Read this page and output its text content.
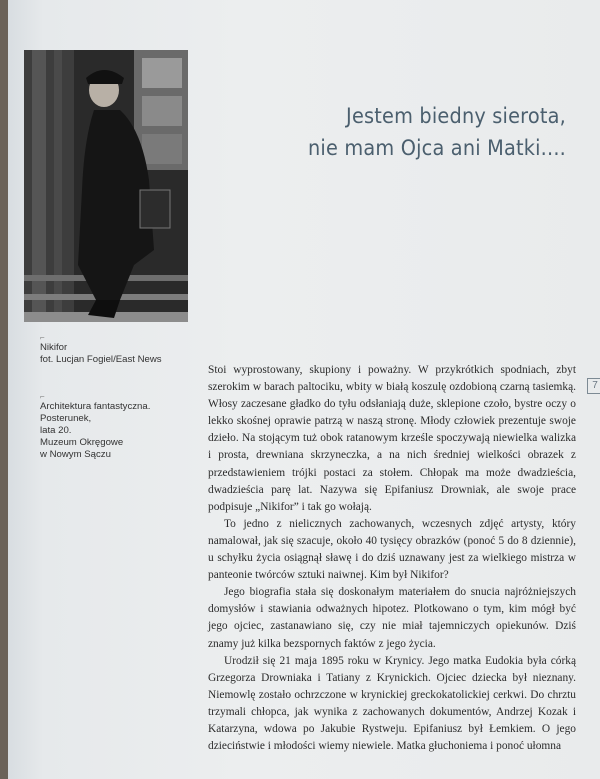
Jestem biedny sierota,
nie mam Ojca ani Matki....
⌐
Nikifor
fot. Lucjan Fogiel/East News
⌐
Architektura fantastyczna.
Posterunek,
lata 20.
Muzeum Okręgowe
w Nowym Sączu
7

Stoi wyprostowany, skupiony i poważny. W przykrótkich spodniach, zbyt szerokim w barach paltociku, wbity w białą koszulę ozdobioną czarną tasiemką. Włosy zaczesane gładko do tyłu odsłaniają duże, sklepione czoło, bystre oczy o lekko skośnej oprawie patrzą w naszą stronę. Młody człowiek prezentuje swoje dzieło. Na stojącym tuż obok ratanowym krześle spoczywają niewielka walizka i prosta, drewniana skrzyneczka, a na nich średniej wielkości obrazek z przedstawieniem trójki postaci za stołem. Chłopak ma może dwadzieścia, dwadzieścia parę lat. Nazywa się Epifaniusz Drowniak, ale swoje prace podpisuje „Nikifor” i tak go wołają.

To jedno z nielicznych zachowanych, wczesnych zdjęć artysty, który namalował, jak się szacuje, około 40 tysięcy obrazków (ponoć 5 do 8 dziennie), u schyłku życia osiągnął sławę i do dziś uznawany jest za wielkiego mistrza w panteonie twórców sztuki naiwnej. Kim był Nikifor?

Jego biografia stała się doskonałym materiałem do snucia najróżniejszych domysłów i stawiania odważnych hipotez. Plotkowano o tym, kim mógł być jego ojciec, zastanawiano się, czy nie miał tajemniczych opiekunów. Dziś znamy już kilka bezspornych faktów z jego życia.

Urodził się 21 maja 1895 roku w Krynicy. Jego matka Eudokia była córką Grzegorza Drowniaka i Tatiany z Krynickich. Ojciec dziecka był nieznany. Niemowlę zostało ochrzczone w krynickiej greckokatolickiej cerkwi. Do chrztu trzymali chłopca, jak wynika z zachowanych dokumentów, Andrzej Kozak i Katarzyna, wdowa po Jakubie Rystweju. Epifaniusz był Łemkiem. O jego dzieciństwie i młodości wiemy niewiele. Matka głuchoniema i ponoć ułomna
